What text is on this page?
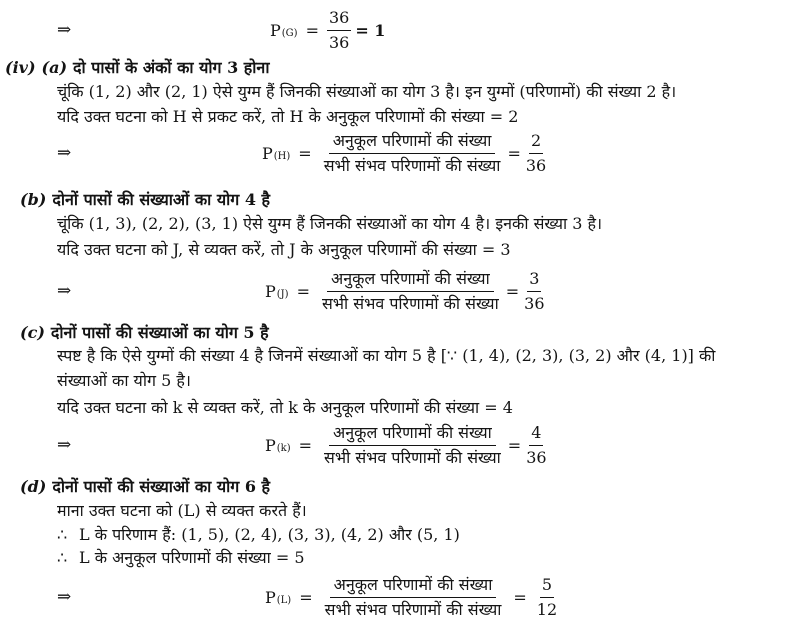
⇒	P $(G) = \frac{36}{36} = 1$
(iv) (a) दो पासों के अंकों का योग 3 होना
चूंकि (1, 2) और (2, 1) ऐसे युग्म हैं जिनकी संख्याओं का योग 3 है। इन युग्मों (परिणामों) की संख्या 2 है।
यदि उक्त घटना को H से प्रकट करें, तो H के अनुकूल परिणामों की संख्या = 2
⇒	P $(H) = \frac{\text{अनुकूल परिणामों की संख्या}}{\text{सभी संभव परिणामों की संख्या}} = \frac{2}{36}$
(b) दोनों पासों की संख्याओं का योग 4 है
चूंकि (1, 3), (2, 2), (3, 1) ऐसे युग्म हैं जिनकी संख्याओं का योग 4 है। इनकी संख्या 3 है।
यदि उक्त घटना को J, से व्यक्त करें, तो J के अनुकूल परिणामों की संख्या = 3
⇒	P $(J) = \frac{\text{अनुकूल परिणामों की संख्या}}{\text{सभी संभव परिणामों की संख्या}} = \frac{3}{36}$
(c) दोनों पासों की संख्याओं का योग 5 है
स्पष्ट है कि ऐसे युग्मों की संख्या 4 है जिनमें संख्याओं का योग 5 है [∵ (1, 4), (2, 3), (3, 2) और (4, 1)] की
संख्याओं का योग 5 है।
यदि उक्त घटना को k से व्यक्त करें, तो k के अनुकूल परिणामों की संख्या = 4
⇒	P $(k) = \frac{\text{अनुकूल परिणामों की संख्या}}{\text{सभी संभव परिणामों की संख्या}} = \frac{4}{36}$
(d) दोनों पासों की संख्याओं का योग 6 है
माना उक्त घटना को (L) से व्यक्त करते हैं।
∴ L के परिणाम हैं: (1, 5), (2, 4), (3, 3), (4, 2) और (5, 1)
∴ L के अनुकूल परिणामों की संख्या = 5
⇒	P $(L) = \frac{\text{अनुकूल परिणामों की संख्या}}{\text{सभी संभव परिणामों की संख्या}} = \frac{5}{12}$
